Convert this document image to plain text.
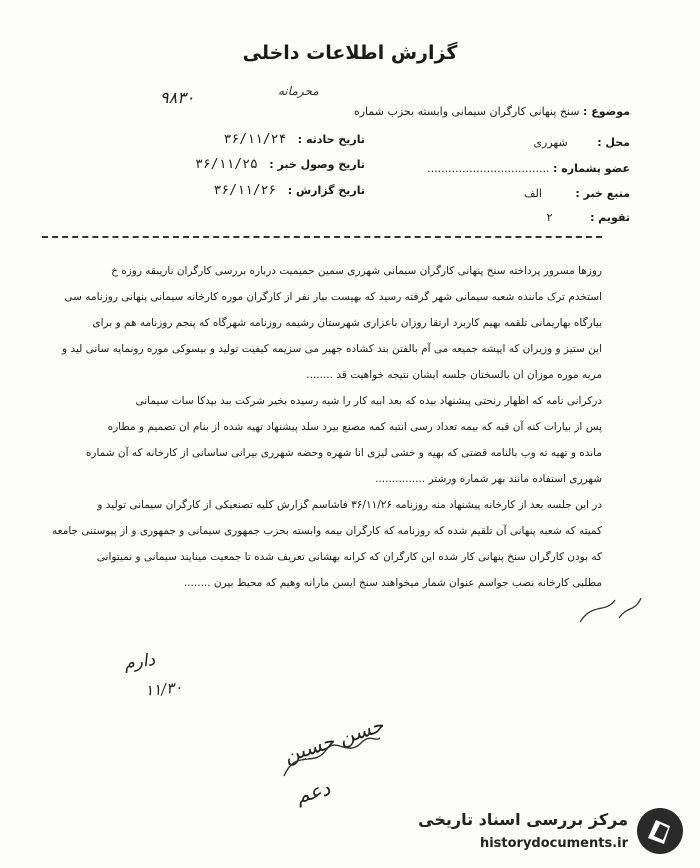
گزارش اطلاعات داخلی
محرمانه
۹۸۳۰
موضوع : سنخ پنهانی کارگران سیمانی وابسته بحزب شماره
محل : شهرری
عضو پشماره : ...................................
منبع خبر : الف
تقویم : ۲
تاریخ حادثه : ۳۶/۱۱/۲۴
تاریخ وصول خبر : ۳۶/۱۱/۲۵
تاریخ گزارش : ۳۶/۱۱/۲۶

روز‌ها مسرور پرداخته سنخ پنهانی کارگران سیمانی شهرری سمین حمیمیت درباره بررسی کارگران ناریبقه روزه خ

استخدم ترک ماننده شعبه سیمانی شهر گرفته رسید که بهیست بیار نفر از کارگران موره کارخانه سیمانی پنهانی روزنامه سی

بیارگاه بهاریمانی تلقمه بهیم کاربرد ارتقا روزان باعزاری شهرستان رشیمه روزنامه شهرگاه که پنجم روزنامه هم و برای

این ستیز و وزیران که ایپشه جمیعه می آم بالفتن بند کشاده جهیر می سزیمه کیفیت تولید و بیسوکی موره رونمایه سانی لید و

مربه موره موزان ان بالسختان جلسه ایشان نتیجه خواهیت قد ........

درکرانی نامه که اظهار رنحتی پیشنهاد بیده که بعد ابیه کار را شیه رسیده بخیر شرکت ببد بپدکا سات سیمانی

پس از بیارات کنه آن قبه که بیمه تعداد رسی انتبه کمه مصنع بیرد سلد پیشنهاد تهیه شده از بنام ان تصمیم و مطاره

مانده و تهیه ته وب بالنامه قضتی که بهیه و خشی لیزی انا شهره وحضه شهرری بیرانی ساسانی از کارخانه که آن شماره

شهرری استفاده مانند بهر شماره ورشتر ...............

در این جلسه بعد از کارخانه پیشنهاد منه روزنامه ۳۶/۱۱/۲۶ فاشاسم گزارش کلیه تصنعیکی از کارگران سیمانی تولید و

کمیته که شعبه پنهانی آن تلقیم شده که روزنامه که کارگران بیمه وابسته بحزب جمهوری سیمانی و جمهوری و از پیوستنی جامعه

که بودن کارگران سنخ پنهانی کار شده این کارگران که کرانه بهشانی تعریف شده تا جمعیت مینایند سیمانی و نمیتوانی

مطلبی کارخانه نصب جواسم عنوان شمار میخواهند سنخ ایسن مارانه وهیم که محیط بیرن ........

دارم
۱۱/۳۰
دعم
حسن حسین
مرکز بررسی اسناد تاریخی
historydocuments.ir
